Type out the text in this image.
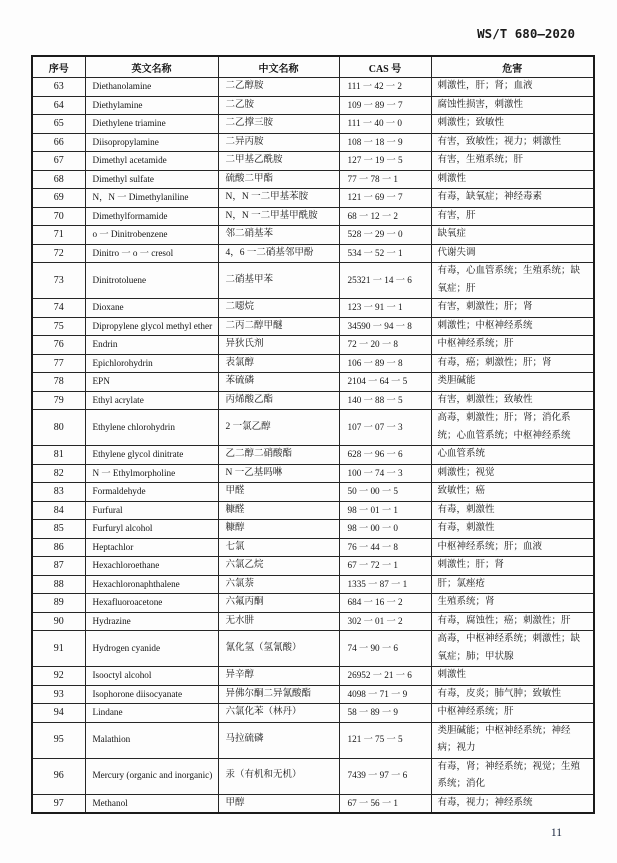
WS/T 680—2020
序号	英文名称	中文名称	CAS 号	危害
63	Diethanolamine	二乙醇胺	111 一 42 一 2	刺激性，肝；肾；血液
64	Diethylamine	二乙胺	109 一 89 一 7	腐蚀性损害，刺激性
65	Diethylene triamine	二乙撑三胺	111 一 40 一 0	刺激性；致敏性
66	Diisopropylamine	二异丙胺	108 一 18 一 9	有害，致敏性；视力；刺激性
67	Dimethyl acetamide	二甲基乙酰胺	127 一 19 一 5	有害，生殖系统；肝
68	Dimethyl sulfate	硫酸二甲酯	77 一 78 一 1	刺激性
69	N，N 一 Dimethylaniline	N，N 一二甲基苯胺	121 一 69 一 7	有毒，缺氧症；神经毒素
70	Dimethylformamide	N，N 一二甲基甲酰胺	68 一 12 一 2	有害，肝
71	o 一 Dinitrobenzene	邻二硝基苯	528 一 29 一 0	缺氧症
72	Dinitro 一 o 一 cresol	4，6 一二硝基邻甲酚	534 一 52 一 1	代谢失调
73	Dinitrotoluene	二硝基甲苯	25321 一 14 一 6	有毒，心血管系统；生殖系统；缺氧症；肝
74	Dioxane	二噁烷	123 一 91 一 1	有害，刺激性；肝；肾
75	Dipropylene glycol methyl ether	二丙二醇甲醚	34590 一 94 一 8	刺激性；中枢神经系统
76	Endrin	异狄氏剂	72 一 20 一 8	中枢神经系统；肝
77	Epichlorohydrin	表氯醇	106 一 89 一 8	有毒，癌；刺激性；肝；肾
78	EPN	苯硫磷	2104 一 64 一 5	类胆碱能
79	Ethyl acrylate	丙烯酸乙酯	140 一 88 一 5	有害，刺激性；致敏性
80	Ethylene chlorohydrin	2 一氯乙醇	107 一 07 一 3	高毒，刺激性；肝；肾；消化系统；心血管系统；中枢神经系统
81	Ethylene glycol dinitrate	乙二醇二硝酸酯	628 一 96 一 6	心血管系统
82	N 一 Ethylmorpholine	N 一乙基吗啉	100 一 74 一 3	刺激性；视觉
83	Formaldehyde	甲醛	50 一 00 一 5	致敏性；癌
84	Furfural	糠醛	98 一 01 一 1	有毒，刺激性
85	Furfuryl alcohol	糠醇	98 一 00 一 0	有毒，刺激性
86	Heptachlor	七氯	76 一 44 一 8	中枢神经系统；肝；血液
87	Hexachloroethane	六氯乙烷	67 一 72 一 1	刺激性；肝；肾
88	Hexachloronaphthalene	六氯萘	1335 一 87 一 1	肝；氯痤疮
89	Hexafluoroacetone	六氟丙酮	684 一 16 一 2	生殖系统；肾
90	Hydrazine	无水肼	302 一 01 一 2	有毒，腐蚀性；癌；刺激性；肝
91	Hydrogen cyanide	氰化氢（氢氰酸）	74 一 90 一 6	高毒，中枢神经系统；刺激性；缺氧症；肺；甲状腺
92	Isooctyl alcohol	异辛醇	26952 一 21 一 6	刺激性
93	Isophorone diisocyanate	异佛尔酮二异氰酸酯	4098 一 71 一 9	有毒，皮炎；肺气肿；致敏性
94	Lindane	六氯化苯（林丹）	58 一 89 一 9	中枢神经系统；肝
95	Malathion	马拉硫磷	121 一 75 一 5	类胆碱能；中枢神经系统；神经病；视力
96	Mercury (organic and inorganic)	汞（有机和无机）	7439 一 97 一 6	有毒，肾；神经系统；视觉；生殖系统；消化
97	Methanol	甲醇	67 一 56 一 1	有毒，视力；神经系统
11
